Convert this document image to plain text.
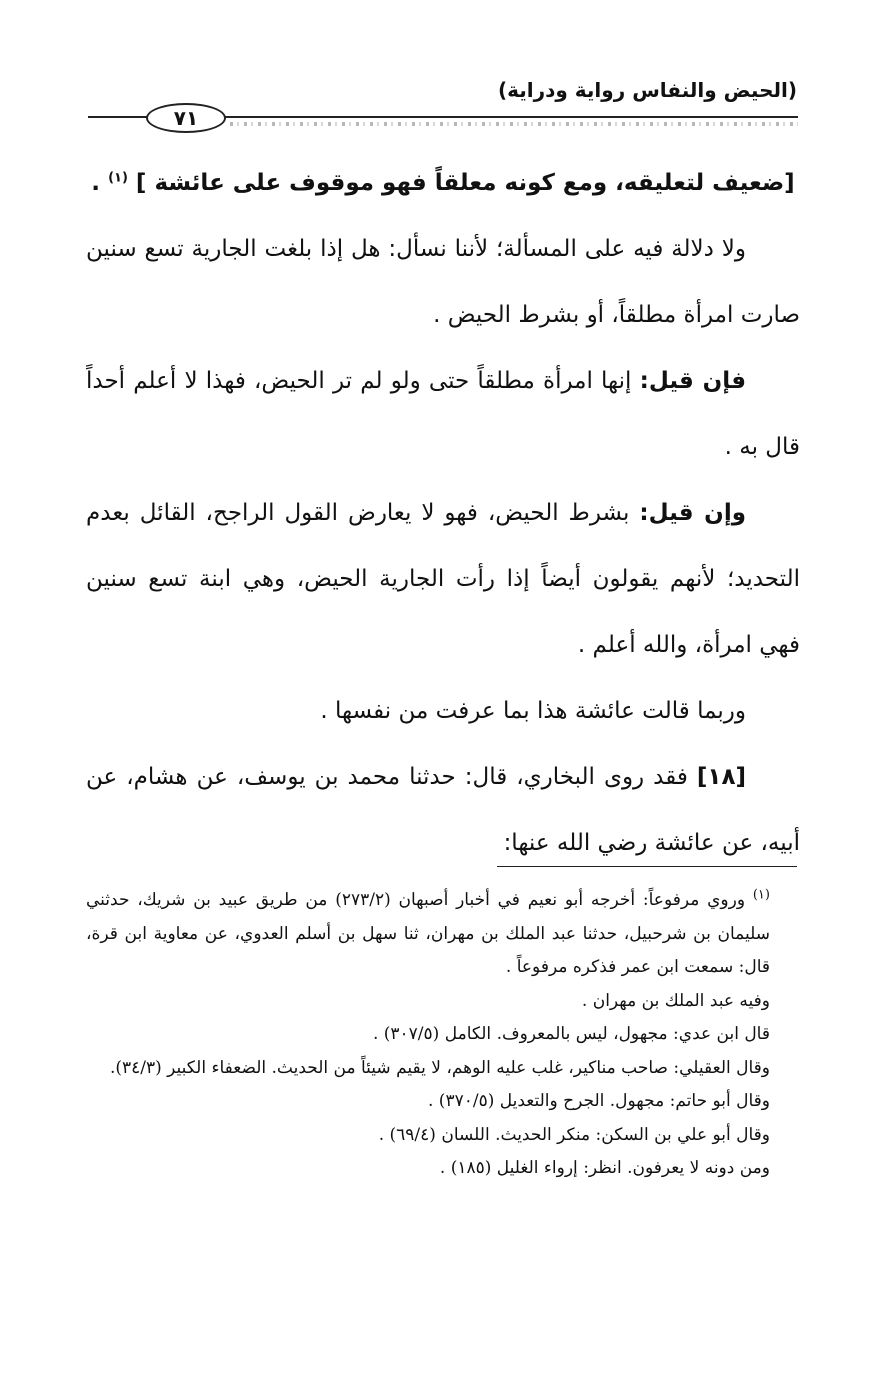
(الحيض والنفاس رواية ودراية)
٧١

[ضعيف لتعليقه، ومع كونه معلقاً فهو موقوف على عائشة ] $^{(١)}$ .

ولا دلالة فيه على المسألة؛ لأننا نسأل: هل إذا بلغت الجارية تسع سنين صارت امرأة مطلقاً، أو بشرط الحيض .

فإن قيل: إنها امرأة مطلقاً حتى ولو لم تر الحيض، فهذا لا أعلم أحداً قال به .

وإن قيل: بشرط الحيض، فهو لا يعارض القول الراجح، القائل بعدم التحديد؛ لأنهم يقولون أيضاً إذا رأت الجارية الحيض، وهي ابنة تسع سنين فهي امرأة، والله أعلم .

وربما قالت عائشة هذا بما عرفت من نفسها .

[١٨] فقد روى البخاري، قال: حدثنا محمد بن يوسف، عن هشام، عن أبيه، عن عائشة رضي الله عنها:

$^{(١)}$ وروي مرفوعاً: أخرجه أبو نعيم في أخبار أصبهان (٢٧٣/٢) من طريق عبيد بن شريك، حدثني سليمان بن شرحبيل، حدثنا عبد الملك بن مهران، ثنا سهل بن أسلم العدوي، عن معاوية ابن قرة، قال: سمعت ابن عمر فذكره مرفوعاً .

وفيه عبد الملك بن مهران .

قال ابن عدي: مجهول، ليس بالمعروف. الكامل (٣٠٧/٥) .

وقال العقيلي: صاحب مناكير، غلب عليه الوهم، لا يقيم شيئاً من الحديث. الضعفاء الكبير (٣٤/٣).

وقال أبو حاتم: مجهول. الجرح والتعديل (٣٧٠/٥) .

وقال أبو علي بن السكن: منكر الحديث. اللسان (٦٩/٤) .

ومن دونه لا يعرفون. انظر: إرواء الغليل (١٨٥) .
